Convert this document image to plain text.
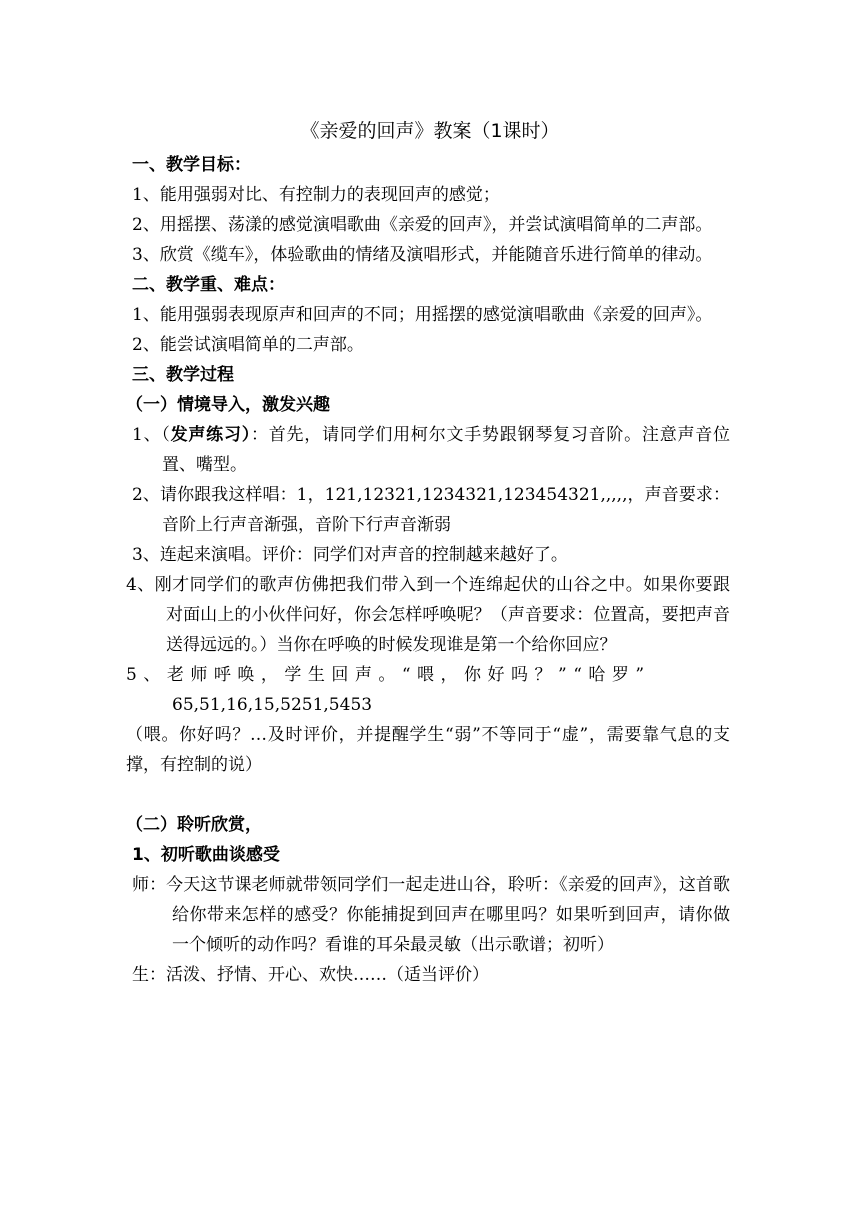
《亲爱的回声》教案（1课时）
一、教学目标：
1、能用强弱对比、有控制力的表现回声的感觉；
2、用摇摆、荡漾的感觉演唱歌曲《亲爱的回声》，并尝试演唱简单的二声部。
3、欣赏《缆车》，体验歌曲的情绪及演唱形式，并能随音乐进行简单的律动。
二、教学重、难点：
1、能用强弱表现原声和回声的不同；用摇摆的感觉演唱歌曲《亲爱的回声》。
2、能尝试演唱简单的二声部。
三、教学过程
（一）情境导入，激发兴趣
1、（发声练习）：首先，请同学们用柯尔文手势跟钢琴复习音阶。注意声音位置、嘴型。
2、请你跟我这样唱：1，121,12321,1234321,123454321,,,,,，声音要求：音阶上行声音渐强，音阶下行声音渐弱
3、连起来演唱。评价：同学们对声音的控制越来越好了。
4、刚才同学们的歌声仿佛把我们带入到一个连绵起伏的山谷之中。如果你要跟对面山上的小伙伴问好，你会怎样呼唤呢？（声音要求：位置高，要把声音送得远远的。）当你在呼唤的时候发现谁是第一个给你回应？
5、老师呼唤，学生回声。“喂，你好吗？”“哈罗”
65,51,16,15,5251,5453
（喂。你好吗？…及时评价，并提醒学生“弱”不等同于“虚”，需要靠气息的支撑，有控制的说）
（二）聆听欣赏，
1、初听歌曲谈感受
师：今天这节课老师就带领同学们一起走进山谷，聆听：《亲爱的回声》，这首歌给你带来怎样的感受？你能捕捉到回声在哪里吗？如果听到回声，请你做一个倾听的动作吗？看谁的耳朵最灵敏（出示歌谱；初听）
生：活泼、抒情、开心、欢快……（适当评价）
